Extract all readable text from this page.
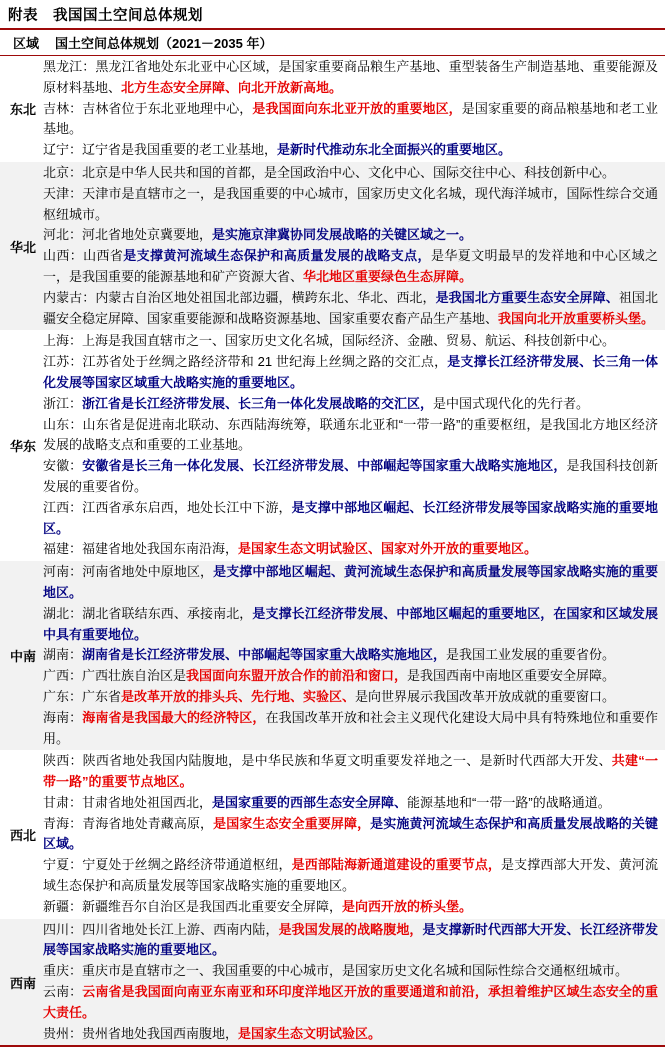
附表　我国国土空间总体规划
区域	国土空间总体规划（2021－2035 年）
东北

黑龙江：黑龙江省地处东北亚中心区域，是国家重要商品粮生产基地、重型装备生产制造基地、重要能源及原材料基地、北方生态安全屏障、向北开放新高地。

吉林：吉林省位于东北亚地理中心，是我国面向东北亚开放的重要地区，是国家重要的商品粮基地和老工业基地。

辽宁：辽宁省是我国重要的老工业基地，是新时代推动东北全面振兴的重要地区。

华北

北京：北京是中华人民共和国的首都，是全国政治中心、文化中心、国际交往中心、科技创新中心。

天津：天津市是直辖市之一，是我国重要的中心城市，国家历史文化名城，现代海洋城市，国际性综合交通枢纽城市。

河北：河北省地处京冀要地，是实施京津冀协同发展战略的关键区域之一。

山西：山西省是支撑黄河流域生态保护和高质量发展的战略支点，是华夏文明最早的发祥地和中心区域之一，是我国重要的能源基地和矿产资源大省、华北地区重要绿色生态屏障。

内蒙古：内蒙古自治区地处祖国北部边疆，横跨东北、华北、西北，是我国北方重要生态安全屏障、祖国北疆安全稳定屏障、国家重要能源和战略资源基地、国家重要农畜产品生产基地、我国向北开放重要桥头堡。

华东

上海：上海是我国直辖市之一、国家历史文化名城，国际经济、金融、贸易、航运、科技创新中心。

江苏：江苏省处于丝绸之路经济带和 21 世纪海上丝绸之路的交汇点，是支撑长江经济带发展、长三角一体化发展等国家区域重大战略实施的重要地区。

浙江：浙江省是长江经济带发展、长三角一体化发展战略的交汇区，是中国式现代化的先行者。

山东：山东省是促进南北联动、东西陆海统筹，联通东北亚和“一带一路”的重要枢纽，是我国北方地区经济发展的战略支点和重要的工业基地。

安徽：安徽省是长三角一体化发展、长江经济带发展、中部崛起等国家重大战略实施地区，是我国科技创新发展的重要省份。

江西：江西省承东启西，地处长江中下游，是支撑中部地区崛起、长江经济带发展等国家战略实施的重要地区。

福建：福建省地处我国东南沿海，是国家生态文明试验区、国家对外开放的重要地区。

中南

河南：河南省地处中原地区，是支撑中部地区崛起、黄河流域生态保护和高质量发展等国家战略实施的重要地区。

湖北：湖北省联结东西、承接南北，是支撑长江经济带发展、中部地区崛起的重要地区，在国家和区域发展中具有重要地位。

湖南：湖南省是长江经济带发展、中部崛起等国家重大战略实施地区，是我国工业发展的重要省份。

广西：广西壮族自治区是我国面向东盟开放合作的前沿和窗口，是我国西南中南地区重要安全屏障。

广东：广东省是改革开放的排头兵、先行地、实验区、是向世界展示我国改革开放成就的重要窗口。

海南：海南省是我国最大的经济特区，在我国改革开放和社会主义现代化建设大局中具有特殊地位和重要作用。

西北

陕西：陕西省地处我国内陆腹地，是中华民族和华夏文明重要发祥地之一、是新时代西部大开发、共建“一带一路”的重要节点地区。

甘肃：甘肃省地处祖国西北，是国家重要的西部生态安全屏障、能源基地和“一带一路”的战略通道。

青海：青海省地处青藏高原，是国家生态安全重要屏障，是实施黄河流域生态保护和高质量发展战略的关键区域。

宁夏：宁夏处于丝绸之路经济带通道枢纽，是西部陆海新通道建设的重要节点，是支撑西部大开发、黄河流域生态保护和高质量发展等国家战略实施的重要地区。

新疆：新疆维吾尔自治区是我国西北重要安全屏障，是向西开放的桥头堡。

西南

四川：四川省地处长江上游、西南内陆，是我国发展的战略腹地，是支撑新时代西部大开发、长江经济带发展等国家战略实施的重要地区。

重庆：重庆市是直辖市之一、我国重要的中心城市，是国家历史文化名城和国际性综合交通枢纽城市。

云南：云南省是我国面向南亚东南亚和环印度洋地区开放的重要通道和前沿，承担着维护区域生态安全的重大责任。

贵州：贵州省地处我国西南腹地，是国家生态文明试验区。
